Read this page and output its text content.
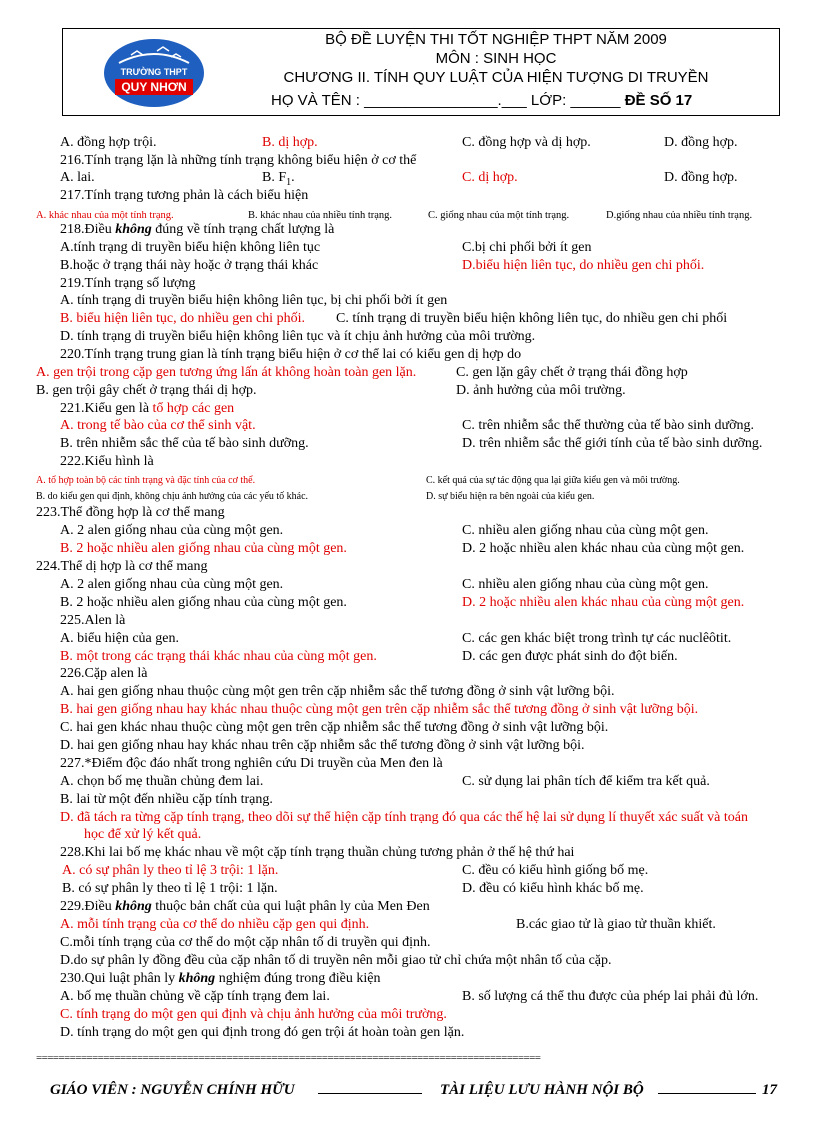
TRƯỜNG THPT
QUY NHƠN
BỘ ĐỀ LUYỆN THI TỐT NGHIỆP THPT NĂM 2009
MÔN : SINH HỌC
CHƯƠNG II. TÍNH QUY LUẬT CỦA HIỆN TƯỢNG DI TRUYỀN
HỌ VÀ TÊN : ________________.___ LỚP: ______ ĐỀ SỐ 17
A. đồng hợp trội.	B. dị hợp.	C. đồng hợp và dị hợp.	D. đồng hợp.
216.Tính trạng lặn là những tính trạng không biểu hiện ở cơ thể
A. lai.	B. $F_1$.	C. dị hợp.	D. đồng hợp.
217.Tính trạng tương phản là cách biểu hiện
A. khác nhau của một tính trạng.	B. khác nhau của nhiều tính trạng.	C. giống nhau của một tính trạng.	D.giống nhau của nhiều tính trạng.
218.Điều không đúng về tính trạng chất lượng là
A.tính trạng di truyền biểu hiện không liên tục	C.bị chi phối bởi ít gen
B.hoặc ở trạng thái này hoặc ở trạng thái khác	D.biểu hiện liên tục, do nhiều gen chi phối.
219.Tính trạng số lượng
A. tính trạng di truyền biểu hiện không liên tục, bị chi phối bởi ít gen
B. biểu hiện liên tục, do nhiều gen chi phối. C. tính trạng di truyền biểu hiện không liên tục, do nhiều gen chi phối
D. tính trạng di truyền biểu hiện không liên tục và ít chịu ảnh hưởng của môi trường.
220.Tính trạng trung gian là tính trạng biểu hiện ở cơ thể lai có kiểu gen dị hợp do
A. gen trội trong cặp gen tương ứng lấn át không hoàn toàn gen lặn.	C. gen lặn gây chết ở trạng thái đồng hợp
B. gen trội gây chết ở trạng thái dị hợp.	D. ảnh hưởng của môi trường.
221.Kiểu gen là tổ hợp các gen
A. trong tế bào của cơ thể sinh vật.	C. trên nhiễm sắc thể thường của tế bào sinh dưỡng.
B. trên nhiễm sắc thể của tế bào sinh dưỡng.	D. trên nhiễm sắc thể giới tính của tế bào sinh dưỡng.
222.Kiểu hình là
A. tổ hợp toàn bộ các tính trạng và đặc tính của cơ thể.	C. kết quả của sự tác động qua lại giữa kiểu gen và môi trường.
B. do kiểu gen qui định, không chịu ảnh hưởng của các yếu tố khác.	D. sự biểu hiện ra bên ngoài của kiểu gen.
223.Thể đồng hợp là cơ thể mang
A. 2 alen giống nhau của cùng một gen.	C. nhiều alen giống nhau của cùng một gen.
B. 2 hoặc nhiều alen giống nhau của cùng một gen.	D. 2 hoặc nhiều alen khác nhau của cùng một gen.
224.Thể dị hợp là cơ thể mang
A. 2 alen giống nhau của cùng một gen.	C. nhiều alen giống nhau của cùng một gen.
B. 2 hoặc nhiều alen giống nhau của cùng một gen.	D. 2 hoặc nhiều alen khác nhau của cùng một gen.
225.Alen là
A. biểu hiện của gen.	C. các gen khác biệt trong trình tự các nuclêôtit.
B. một trong các trạng thái khác nhau của cùng một gen.	D. các gen được phát sinh do đột biến.
226.Cặp alen là
A. hai gen giống nhau thuộc cùng một gen trên cặp nhiễm sắc thể tương đồng ở sinh vật lưỡng bội.
B. hai gen giống nhau hay khác nhau thuộc cùng một gen trên cặp nhiễm sắc thể tương đồng ở sinh vật lưỡng bội.
C. hai gen khác nhau thuộc cùng một gen trên cặp nhiễm sắc thể tương đồng ở sinh vật lưỡng bội.
D. hai gen giống nhau hay khác nhau trên cặp nhiễm sắc thể tương đồng ở sinh vật lưỡng bội.
227.*Điểm độc đáo nhất trong nghiên cứu Di truyền của Men đen là
A. chọn bố mẹ thuần chủng đem lai.	C. sử dụng lai phân tích để kiểm tra kết quả.
B. lai từ một đến nhiều cặp tính trạng.
D. đã tách ra từng cặp tính trạng, theo dõi sự thể hiện cặp tính trạng đó qua các thế hệ lai sử dụng lí thuyết xác suất và toán
học để xử lý kết quả.
228.Khi lai bố mẹ khác nhau về một cặp tính trạng thuần chủng tương phản ở thế hệ thứ hai
A. có sự phân ly theo tỉ lệ 3 trội: 1 lặn.	C. đều có kiểu hình giống bố mẹ.
B. có sự phân ly theo tỉ lệ 1 trội: 1 lặn.	D. đều có kiểu hình khác bố mẹ.
229.Điều không thuộc bản chất của qui luật phân ly của Men Đen
A. mỗi tính trạng của cơ thể do nhiều cặp gen qui định.	B.các giao tử là giao tử thuần khiết.
C.mỗi tính trạng của cơ thể do một cặp nhân tố di truyền qui định.
D.do sự phân ly đồng đều của cặp nhân tố di truyền nên mỗi giao tử chỉ chứa một nhân tố của cặp.
230.Qui luật phân ly không nghiệm đúng trong điều kiện
A. bố mẹ thuần chủng về cặp tính trạng đem lai.	B. số lượng cá thể thu được của phép lai phải đủ lớn.
C. tính trạng do một gen qui định và chịu ảnh hưởng của môi trường.
D. tính trạng do một gen qui định trong đó gen trội át hoàn toàn gen lặn.
==========================================================================================
GIÁO VIÊN : NGUYỄN CHÍNH HỮU	TÀI LIỆU LƯU HÀNH NỘI BỘ	17
